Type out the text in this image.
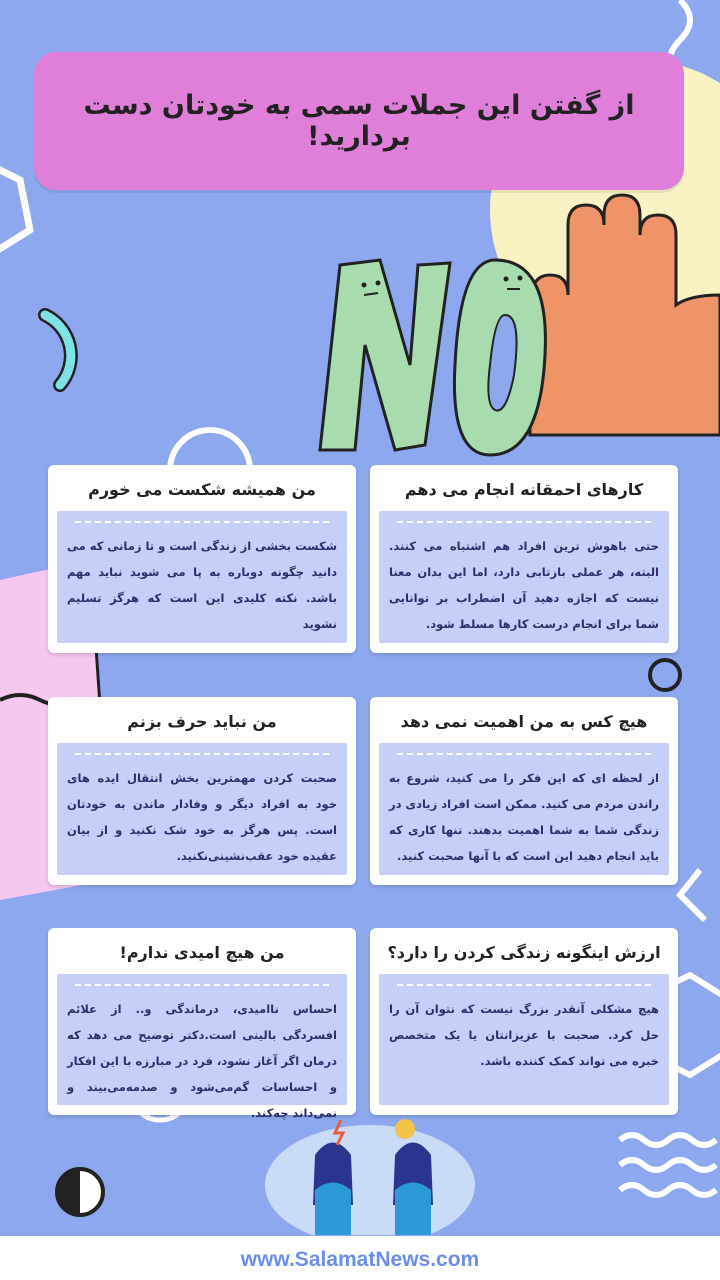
از گفتن این جملات سمی به خودتان دست بردارید!
کارهای احمقانه انجام می دهم
حتی باهوش ترین افراد هم اشتباه می کنند. البته، هر عملی بازتابی دارد، اما این بدان معنا نیست که اجازه دهید آن اضطراب بر توانایی شما برای انجام درست کارها مسلط شود.
من همیشه شکست می خورم
شکست بخشی از زندگی است و تا زمانی که می دانید چگونه دوباره به پا می شوید نباید مهم باشد. نکته کلیدی این است که هرگز تسلیم نشوید
هیچ کس به من اهمیت نمی دهد
از لحظه ای که این فکر را می کنید، شروع به راندن مردم می کنید. ممکن است افراد زیادی در زندگی شما به شما اهمیت بدهند. تنها کاری که باید انجام دهید این است که با آنها صحبت کنید.
من نباید حرف بزنم
صحبت کردن مهمترین بخش انتقال ایده های خود به افراد دیگر و وفادار ماندن به خودتان است. پس هرگز به خود شک نکنید و از بیان عقیده خود عقب‌نشینی‌نکنید.
ارزش اینگونه زندگی کردن را دارد؟
هیچ مشکلی آنقدر بزرگ نیست که نتوان آن را حل کرد. صحبت با عزیزانتان یا یک متخصص خبره می تواند کمک کننده باشد.
من هیچ امیدی ندارم!
احساس ناامیدی، درماندگی و.. از علائم افسردگی بالینی است.دکتر توضیح می دهد که درمان اگر آغاز نشود، فرد در مبارزه با این افکار و احساسات گم‌می‌شود و صدمه‌می‌بیند و نمی‌داند چه‌کند.
www.SalamatNews.com
